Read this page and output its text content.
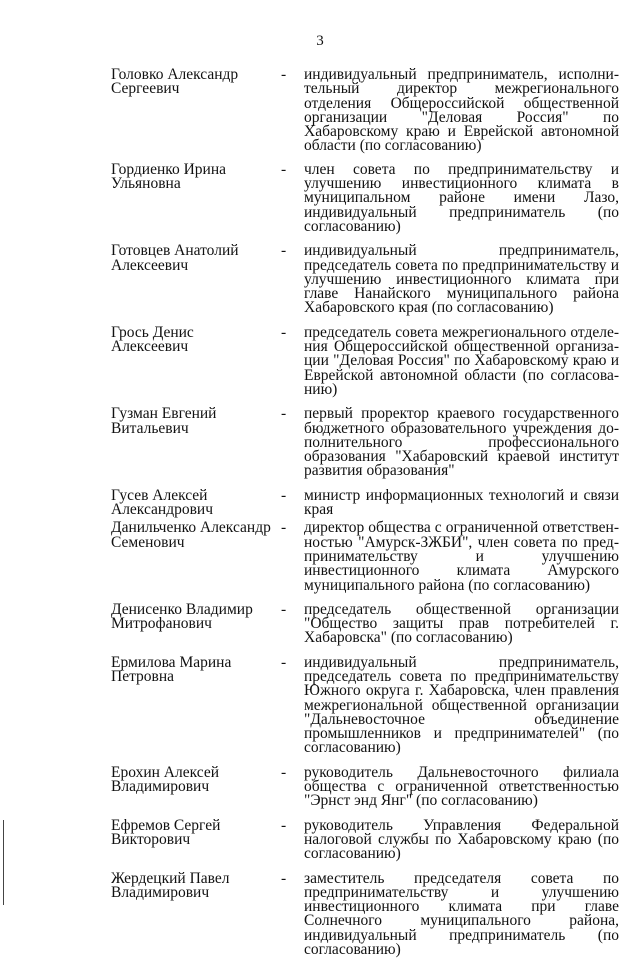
3
Головко Александр
Сергеевич
-	индивидуальный предприниматель, исполнительный директор межрегионального отделения Общероссийской общественной организации "Деловая Россия" по Хабаровскому краю и Еврейской автономной области (по согласованию)
Гордиенко Ирина
Ульяновна
-	член совета по предпринимательству и улучшению инвестиционного климата в муниципальном районе имени Лазо, индивидуальный предприниматель (по согласованию)
Готовцев Анатолий
Алексеевич
-	индивидуальный предприниматель, председатель совета по предпринимательству и улучшению инвестиционного климата при главе Нанайского муниципального района Хабаровского края (по согласованию)
Грось Денис
Алексеевич
-	председатель совета межрегионального отделения Общероссийской общественной организации "Деловая Россия" по Хабаровскому краю и Еврейской автономной области (по согласованию)
Гузман Евгений
Витальевич
-	первый проректор краевого государственного бюджетного образовательного учреждения дополнительного профессионального образования "Хабаровский краевой институт развития образования"
Гусев Алексей
Александрович
-	министр информационных технологий и связи края
Данильченко Александр
Семенович
-	директор общества с ограниченной ответственностью "Амурск-ЗЖБИ", член совета по предпринимательству и улучшению инвестиционного климата Амурского муниципального района (по согласованию)
Денисенко Владимир
Митрофанович
-	председатель общественной организации "Общество защиты прав потребителей г. Хабаровска" (по согласованию)
Ермилова Марина
Петровна
-	индивидуальный предприниматель, председатель совета по предпринимательству Южного округа г. Хабаровска, член правления межрегиональной общественной организации "Дальневосточное объединение промышленников и предпринимателей" (по согласованию)
Ерохин Алексей
Владимирович
-	руководитель Дальневосточного филиала общества с ограниченной ответственностью "Эрнст энд Янг" (по согласованию)
Ефремов Сергей
Викторович
-	руководитель Управления Федеральной налоговой службы по Хабаровскому краю (по согласованию)
Жердецкий Павел
Владимирович
-	заместитель председателя совета по предпринимательству и улучшению инвестиционного климата при главе Солнечного муниципального района, индивидуальный предприниматель (по согласованию)
